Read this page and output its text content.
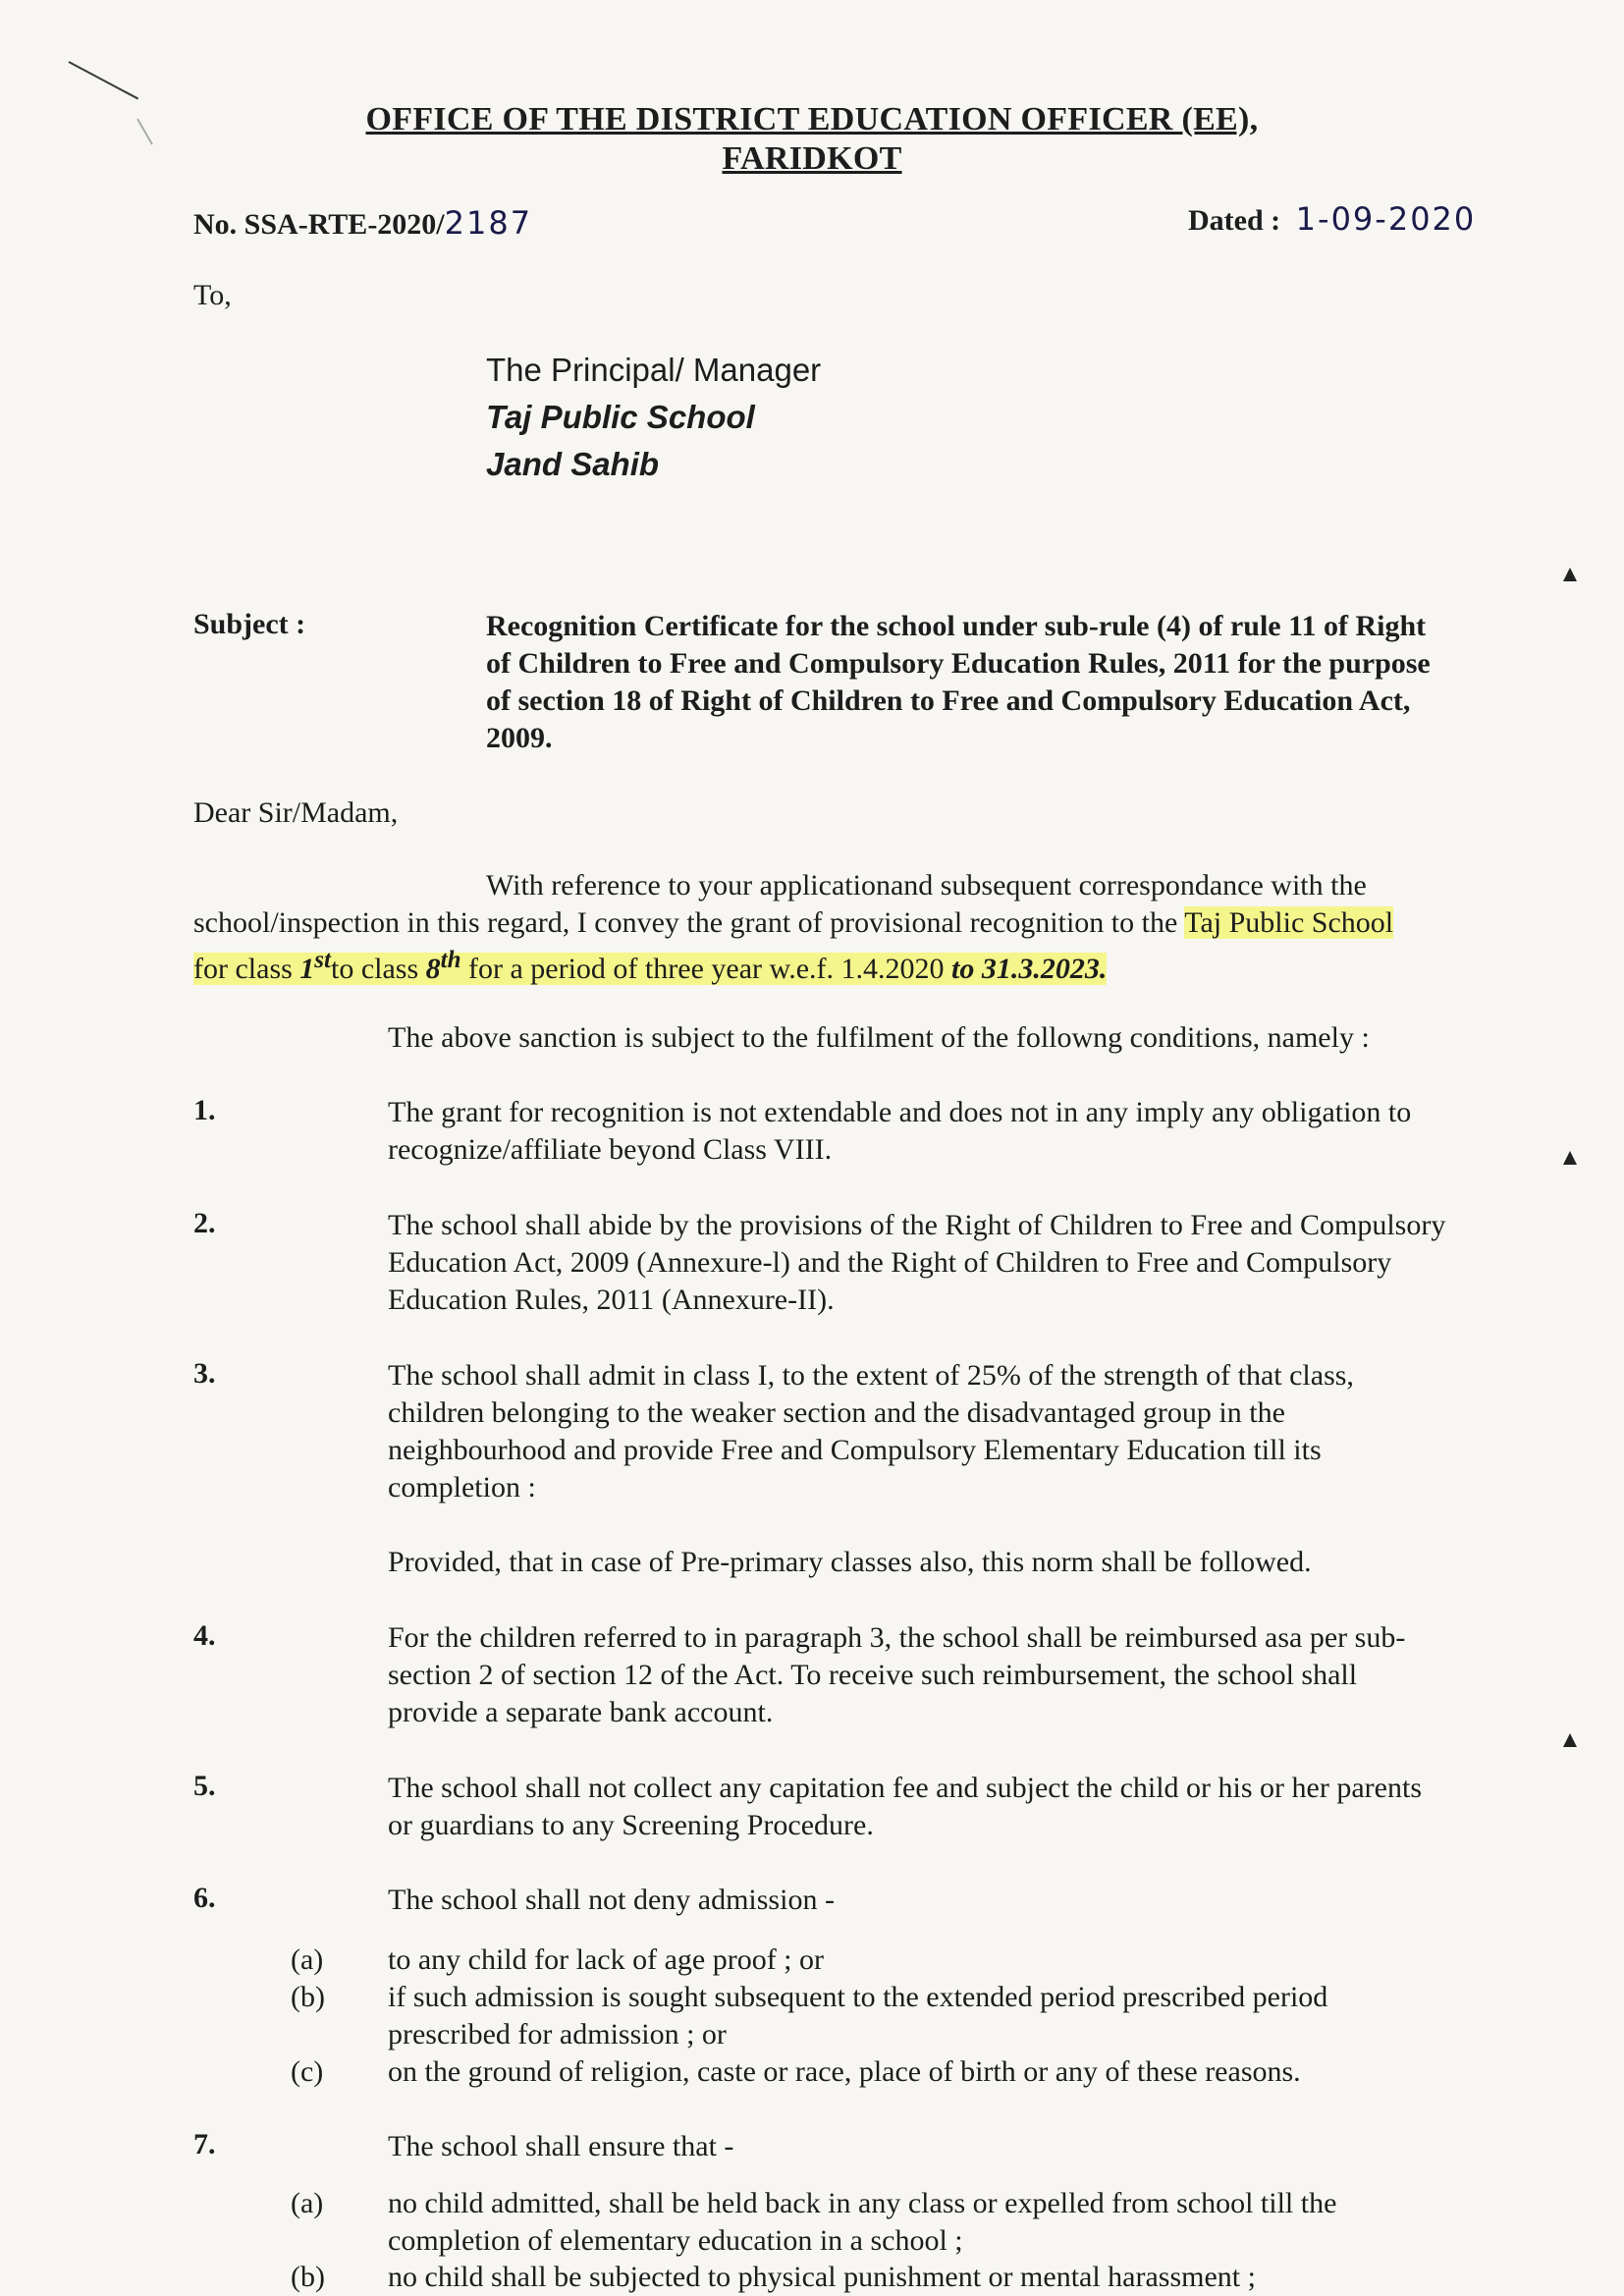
OFFICE OF THE DISTRICT EDUCATION OFFICER (EE),
FARIDKOT
No. SSA-RTE-2020/2187	Dated : 1-09-2020
To,
The Principal/ Manager
Taj Public School
Jand Sahib
Subject :	Recognition Certificate for the school under sub-rule (4) of rule 11 of Right
of Children to Free and Compulsory Education Rules, 2011 for the purpose
of section 18 of Right of Children to Free and Compulsory Education Act,
2009.
Dear Sir/Madam,
With reference to your applicationand subsequent correspondance with the
school/inspection in this regard, I convey the grant of provisional recognition to the Taj Public School
for class 1stto class 8th for a period of three year w.e.f. 1.4.2020 to 31.3.2023.
The above sanction is subject to the fulfilment of the followng conditions, namely :
1.	The grant for recognition is not extendable and does not in any imply any obligation to
recognize/affiliate beyond Class VIII.
2.	The school shall abide by the provisions of the Right of Children to Free and Compulsory
Education Act, 2009 (Annexure-l) and the Right of Children to Free and Compulsory
Education Rules, 2011 (Annexure-II).
3.	The school shall admit in class I, to the extent of 25% of the strength of that class,
children belonging to the weaker section and the disadvantaged group in the
neighbourhood and provide Free and Compulsory Elementary Education till its
completion :
Provided, that in case of Pre-primary classes also, this norm shall be followed.
4.	For the children referred to in paragraph 3, the school shall be reimbursed asa per sub-
section 2 of section 12 of the Act. To receive such reimbursement, the school shall
provide a separate bank account.
5.	The school shall not collect any capitation fee and subject the child or his or her parents
or guardians to any Screening Procedure.
6.	The school shall not deny admission -
(a) to any child for lack of age proof ; or
(b) if such admission is sought subsequent to the extended period prescribed period
prescribed for admission ; or
(c) on the ground of religion, caste or race, place of birth or any of these reasons.
7.	The school shall ensure that -
(a) no child admitted, shall be held back in any class or expelled from school till the
completion of elementary education in a school ;
(b) no child shall be subjected to physical punishment or mental harassment ;
